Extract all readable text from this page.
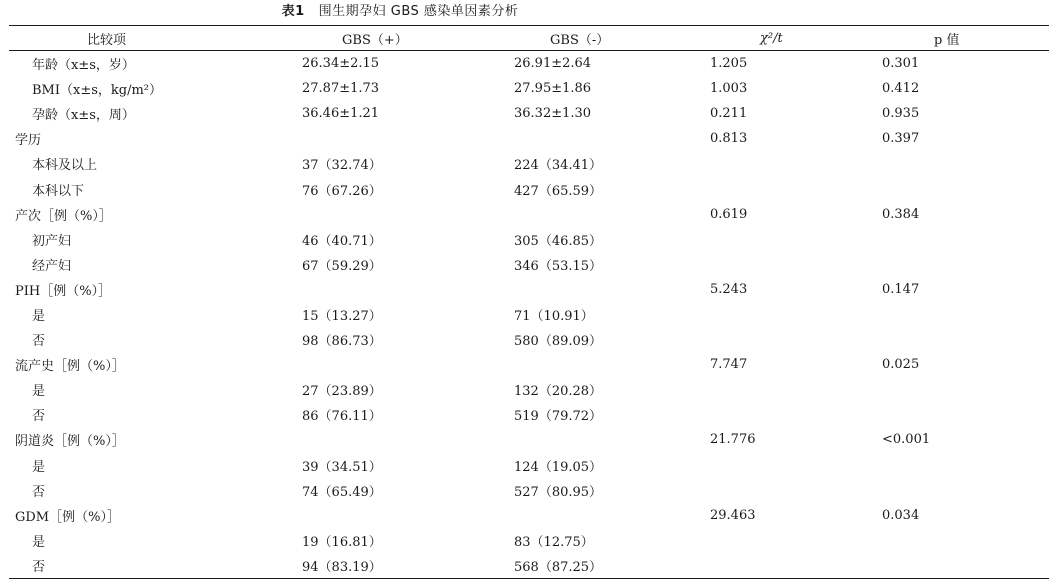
表1 围生期孕妇 GBS 感染单因素分析
比较项	GBS（+）	GBS（-）	χ²/t	p 值
年龄（x±s，岁）	26.34±2.15	26.91±2.64	1.205	0.301
BMI（x±s，kg/m²）	27.87±1.73	27.95±1.86	1.003	0.412
孕龄（x±s，周）	36.46±1.21	36.32±1.30	0.211	0.935
学历			0.813	0.397
本科及以上	37（32.74）	224（34.41）		
本科以下	76（67.26）	427（65.59）		
产次［例（%）］			0.619	0.384
初产妇	46（40.71）	305（46.85）		
经产妇	67（59.29）	346（53.15）		
PIH［例（%）］			5.243	0.147
是	15（13.27）	71（10.91）		
否	98（86.73）	580（89.09）		
流产史［例（%）］			7.747	0.025
是	27（23.89）	132（20.28）		
否	86（76.11）	519（79.72）		
阴道炎［例（%）］			21.776	<0.001
是	39（34.51）	124（19.05）		
否	74（65.49）	527（80.95）		
GDM［例（%）］			29.463	0.034
是	19（16.81）	83（12.75）		
否	94（83.19）	568（87.25）		
